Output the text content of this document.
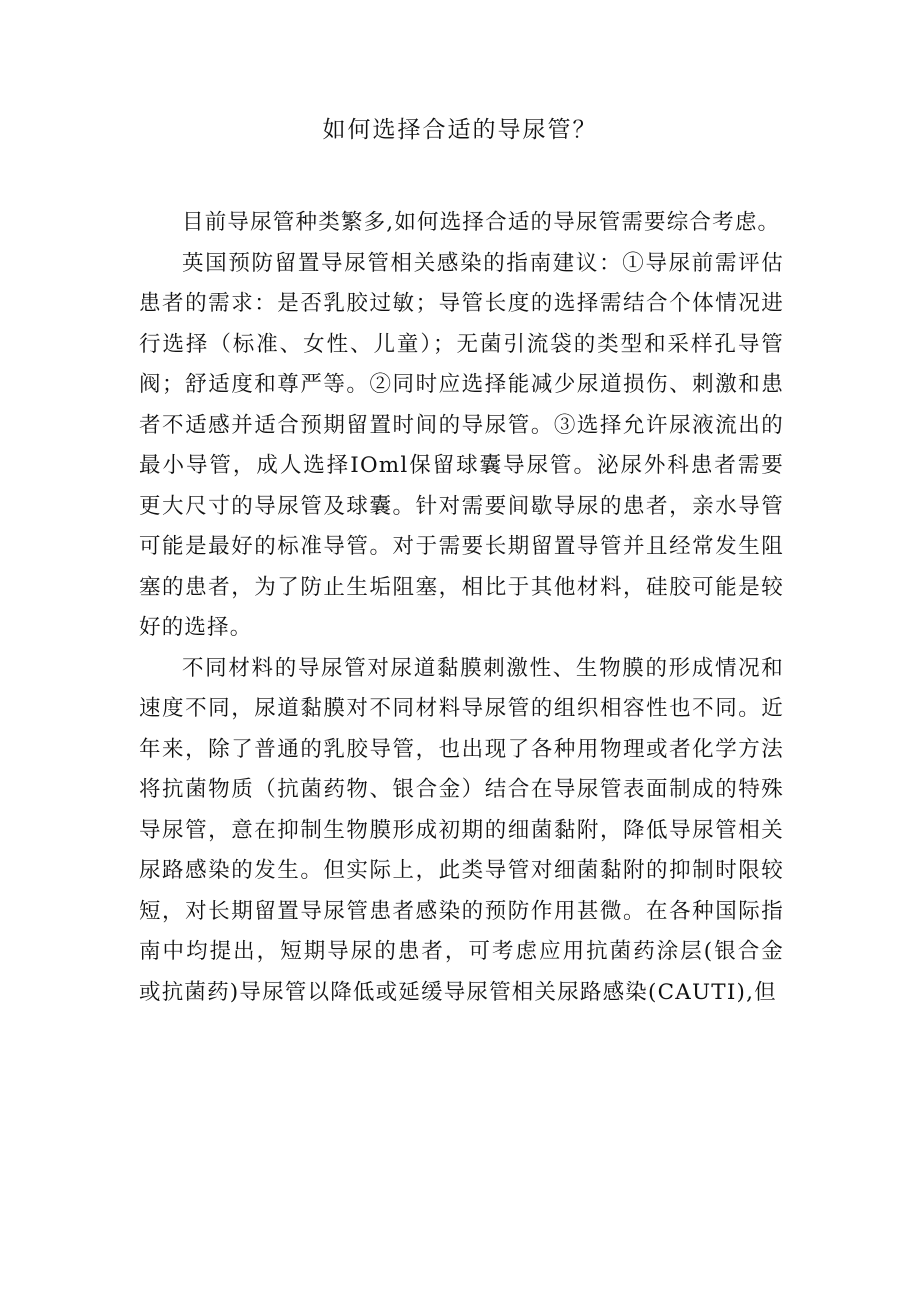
如何选择合适的导尿管？

目前导尿管种类繁多,如何选择合适的导尿管需要综合考虑。

英国预防留置导尿管相关感染的指南建议：①导尿前需评估患者的需求：是否乳胶过敏；导管长度的选择需结合个体情况进行选择（标准、女性、儿童）；无菌引流袋的类型和采样孔导管阀；舒适度和尊严等。②同时应选择能减少尿道损伤、刺激和患者不适感并适合预期留置时间的导尿管。③选择允许尿液流出的最小导管，成人选择IOml保留球囊导尿管。泌尿外科患者需要更大尺寸的导尿管及球囊。针对需要间歇导尿的患者，亲水导管可能是最好的标准导管。对于需要长期留置导管并且经常发生阻塞的患者，为了防止生垢阻塞，相比于其他材料，硅胶可能是较好的选择。

不同材料的导尿管对尿道黏膜刺激性、生物膜的形成情况和速度不同，尿道黏膜对不同材料导尿管的组织相容性也不同。近年来，除了普通的乳胶导管，也出现了各种用物理或者化学方法将抗菌物质（抗菌药物、银合金）结合在导尿管表面制成的特殊导尿管，意在抑制生物膜形成初期的细菌黏附，降低导尿管相关尿路感染的发生。但实际上，此类导管对细菌黏附的抑制时限较短，对长期留置导尿管患者感染的预防作用甚微。在各种国际指南中均提出，短期导尿的患者，可考虑应用抗菌药涂层(银合金或抗菌药)导尿管以降低或延缓导尿管相关尿路感染(CAUTI),但
